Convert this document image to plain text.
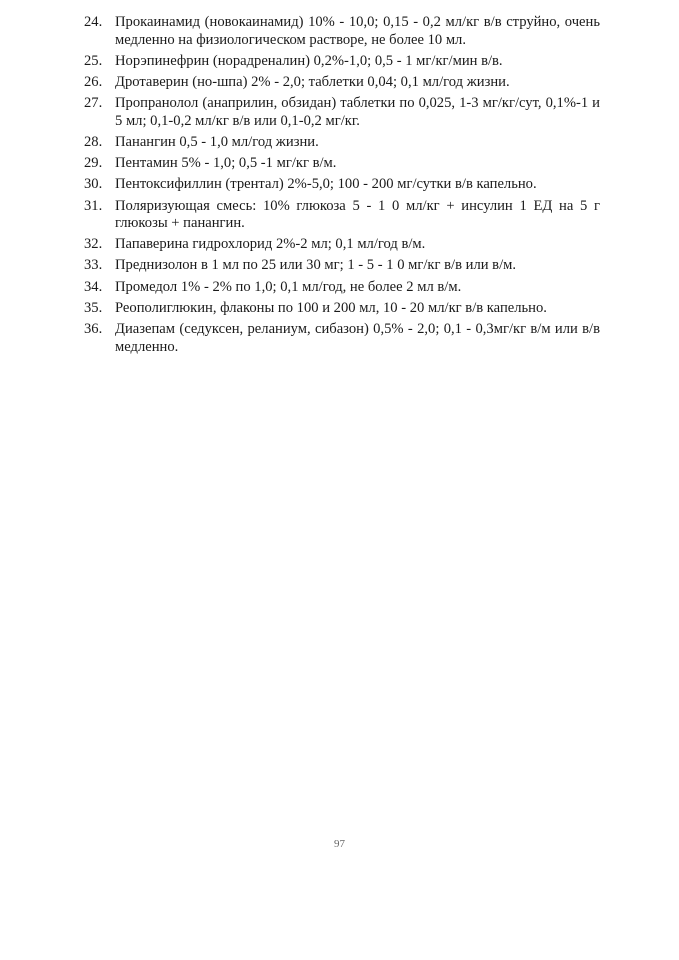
24. Прокаинамид (новокаинамид) 10% - 10,0; 0,15 - 0,2 мл/кг в/в струйно, очень медленно на физиологическом растворе, не более 10 мл.
25. Норэпинефрин (норадреналин) 0,2%-1,0; 0,5 - 1 мг/кг/мин в/в.
26. Дротаверин (но-шпа) 2% - 2,0; таблетки 0,04; 0,1 мл/год жизни.
27. Пропранолол (анаприлин, обзидан) таблетки по 0,025, 1-3 мг/кг/сут, 0,1%-1 и 5 мл; 0,1-0,2 мл/кг в/в или 0,1-0,2 мг/кг.
28. Панангин 0,5 - 1,0 мл/год жизни.
29. Пентамин 5% - 1,0; 0,5 -1 мг/кг в/м.
30. Пентоксифиллин (трентал) 2%-5,0; 100 - 200 мг/сутки в/в капельно.
31. Поляризующая смесь: 10% глюкоза 5 - 1 0 мл/кг + инсулин 1 ЕД на 5 г глюкозы + панангин.
32. Папаверина гидрохлорид 2%-2 мл; 0,1 мл/год в/м.
33. Преднизолон в 1 мл по 25 или 30 мг; 1 - 5 - 1 0 мг/кг в/в или в/м.
34. Промедол 1% - 2% по 1,0; 0,1 мл/год, не более 2 мл в/м.
35. Реополиглюкин, флаконы по 100 и 200 мл, 10 - 20 мл/кг в/в капельно.
36. Диазепам (седуксен, реланиум, сибазон) 0,5% - 2,0; 0,1 - 0,3мг/кг в/м или в/в медленно.
97
